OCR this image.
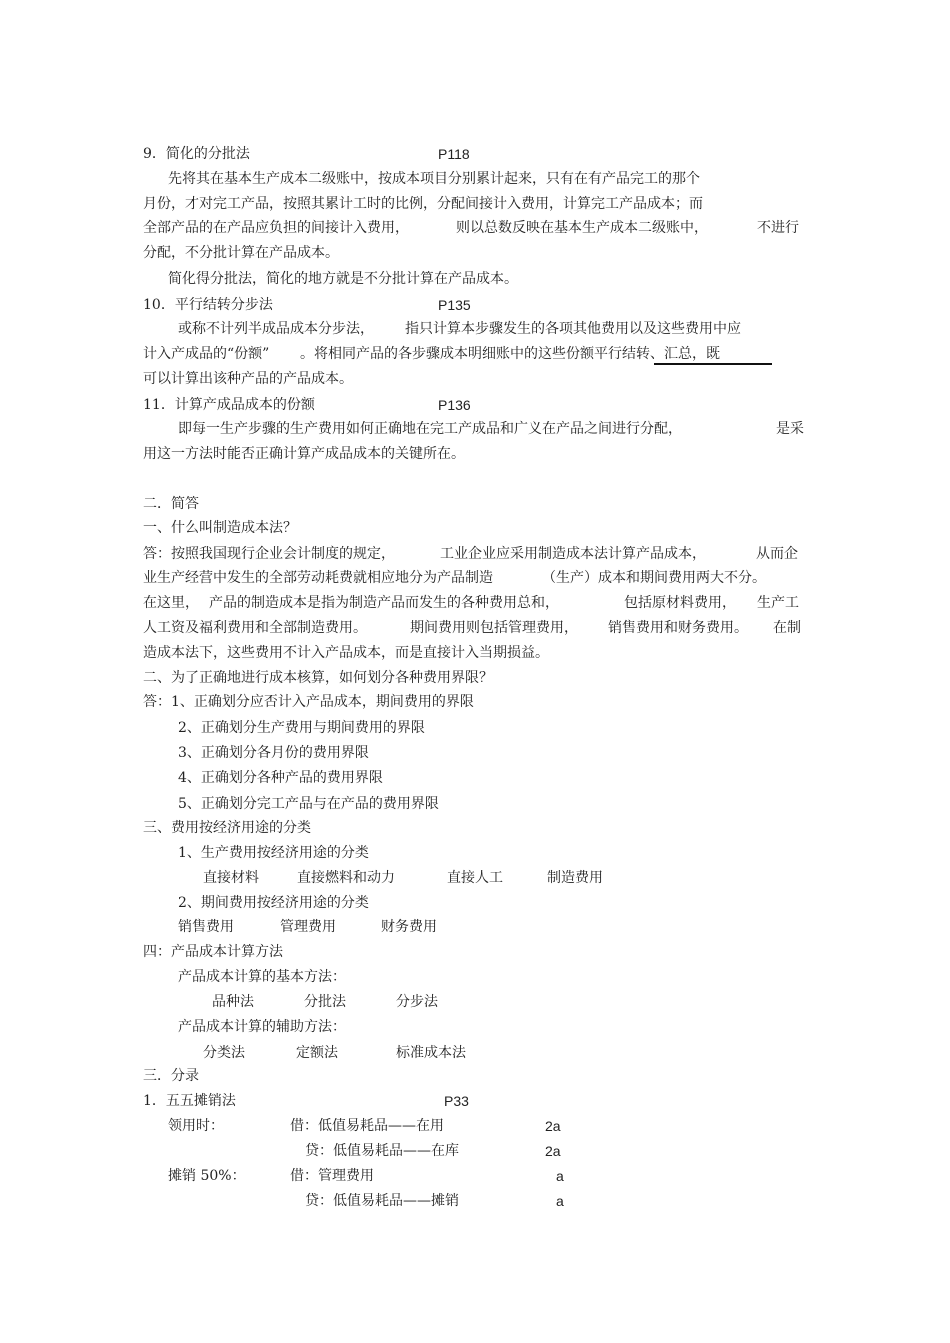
9．简化的分批法	P118
先将其在基本生产成本二级账中，按成本项目分别累计起来，只有在有产品完工的那个
月份，才对完工产品，按照其累计工时的比例，分配间接计入费用，计算完工产品成本；而
全部产品的在产品应负担的间接计入费用，	则以总数反映在基本生产成本二级账中，	不进行
分配，不分批计算在产品成本。
简化得分批法，简化的地方就是不分批计算在产品成本。
10．平行结转分步法	P135
或称不计列半成品成本分步法， 指只计算本步骤发生的各项其他费用以及这些费用中应
计入产成品的“份额” 。将相同产品的各步骤成本明细账中的这些份额平行结转、汇总，既
可以计算出该种产品的产品成本。
11．计算产成品成本的份额	P136
即每一生产步骤的生产费用如何正确地在完工产成品和广义在产品之间进行分配，	是采
用这一方法时能否正确计算产成品成本的关键所在。
二．简答
一、什么叫制造成本法？
答：按照我国现行企业会计制度的规定，	工业企业应采用制造成本法计算产品成本，	从而企
业生产经营中发生的全部劳动耗费就相应地分为产品制造	（生产）成本和期间费用两大不分。
在这里， 产品的制造成本是指为制造产品而发生的各种费用总和，	包括原材料费用， 生产工
人工资及福利费用和全部制造费用。	期间费用则包括管理费用， 销售费用和财务费用。 在制
造成本法下，这些费用不计入产品成本，而是直接计入当期损益。
二、为了正确地进行成本核算，如何划分各种费用界限？
答：1、正确划分应否计入产品成本，期间费用的界限
2、正确划分生产费用与期间费用的界限
3、正确划分各月份的费用界限
4、正确划分各种产品的费用界限
5、正确划分完工产品与在产品的费用界限
三、费用按经济用途的分类
1、生产费用按经济用途的分类
直接材料	直接燃料和动力	直接人工	制造费用
2、期间费用按经济用途的分类
销售费用	管理费用	财务费用
四：产品成本计算方法
产品成本计算的基本方法：
品种法	分批法	分步法
产品成本计算的辅助方法：
分类法	定额法	标准成本法
三．分录
1．五五摊销法	P33
领用时：	借： 低值易耗品——在用	2a
贷： 低值易耗品——在库	2a
摊销 50%：	借： 管理费用	a
贷： 低值易耗品——摊销	a
